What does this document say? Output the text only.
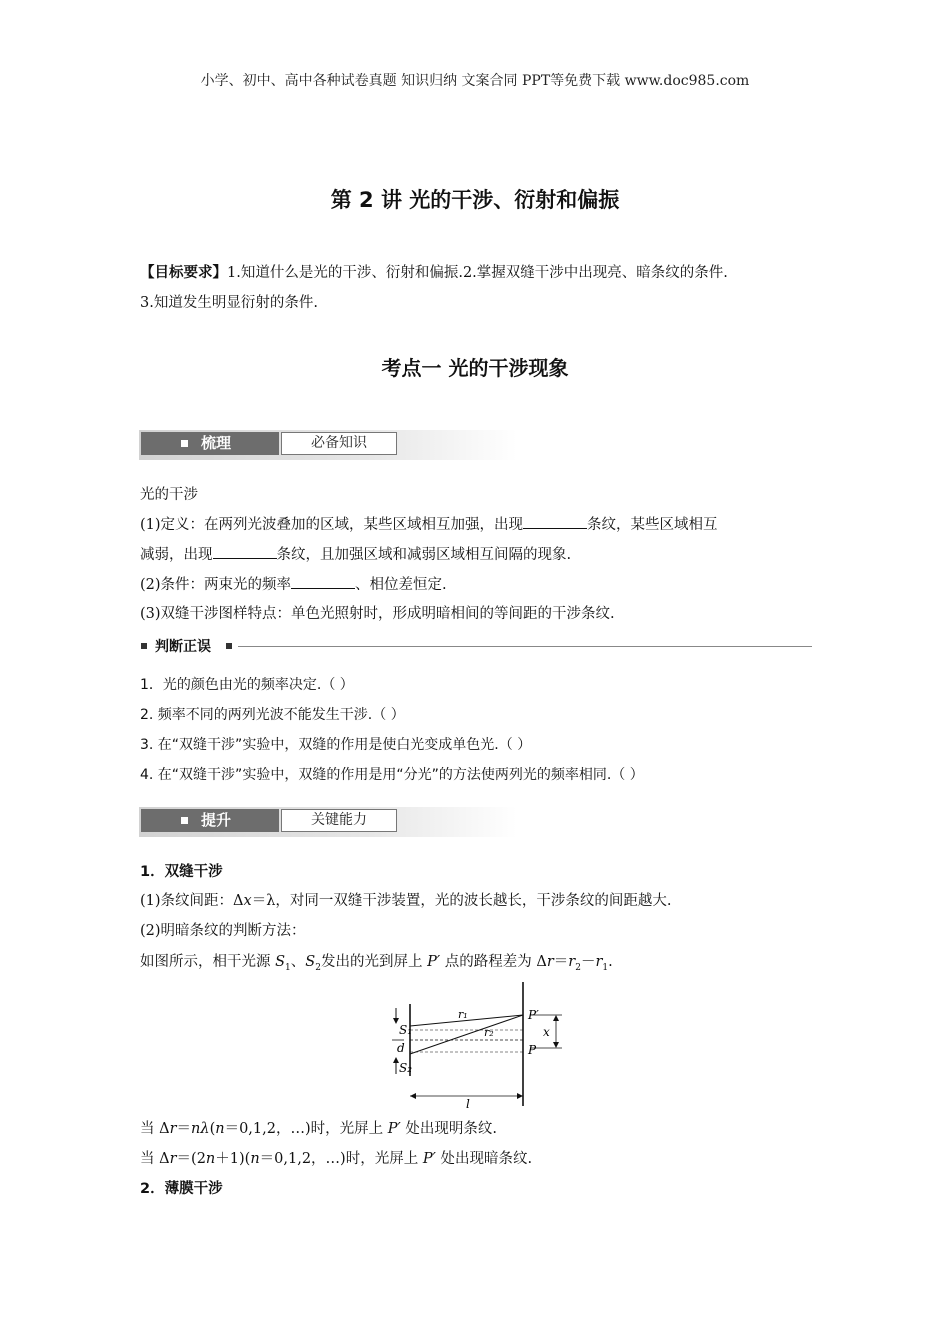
小学、初中、高中各种试卷真题 知识归纳 文案合同 PPT等免费下载 www.doc985.com
第 2 讲 光的干涉、衍射和偏振
【目标要求】1.知道什么是光的干涉、衍射和偏振.2.掌握双缝干涉中出现亮、暗条纹的条件.
3.知道发生明显衍射的条件.
考点一 光的干涉现象
梳理	必备知识
光的干涉
(1)定义：在两列光波叠加的区域，某些区域相互加强，出现	条纹，某些区域相互
减弱，出现	条纹，且加强区域和减弱区域相互间隔的现象.
(2)条件：两束光的频率	、相位差恒定.
(3)双缝干涉图样特点：单色光照射时，形成明暗相间的等间距的干涉条纹.
判断正误
1．光的颜色由光的频率决定.（ ）
2. 频率不同的两列光波不能发生干涉.（ ）
3. 在“双缝干涉”实验中，双缝的作用是使白光变成单色光.（ ）
4. 在“双缝干涉”实验中，双缝的作用是用“分光”的方法使两列光的频率相同.（ ）
提升	关键能力
1．双缝干涉
(1)条纹间距：Δx＝λ，对同一双缝干涉装置，光的波长越长，干涉条纹的间距越大.
(2)明暗条纹的判断方法：
如图所示，相干光源 $S_1$、$S_2$发出的光到屏上 P′ 点的路程差为 $\Delta r=r_2-r_1$.
S₁
d
S₂
r₁
r₂
P′
P
x
l
当 Δr＝nλ(n＝0,1,2，…)时，光屏上 P′ 处出现明条纹.
当 Δr＝(2n＋1)(n＝0,1,2，…)时，光屏上 P′ 处出现暗条纹.
2．薄膜干涉
